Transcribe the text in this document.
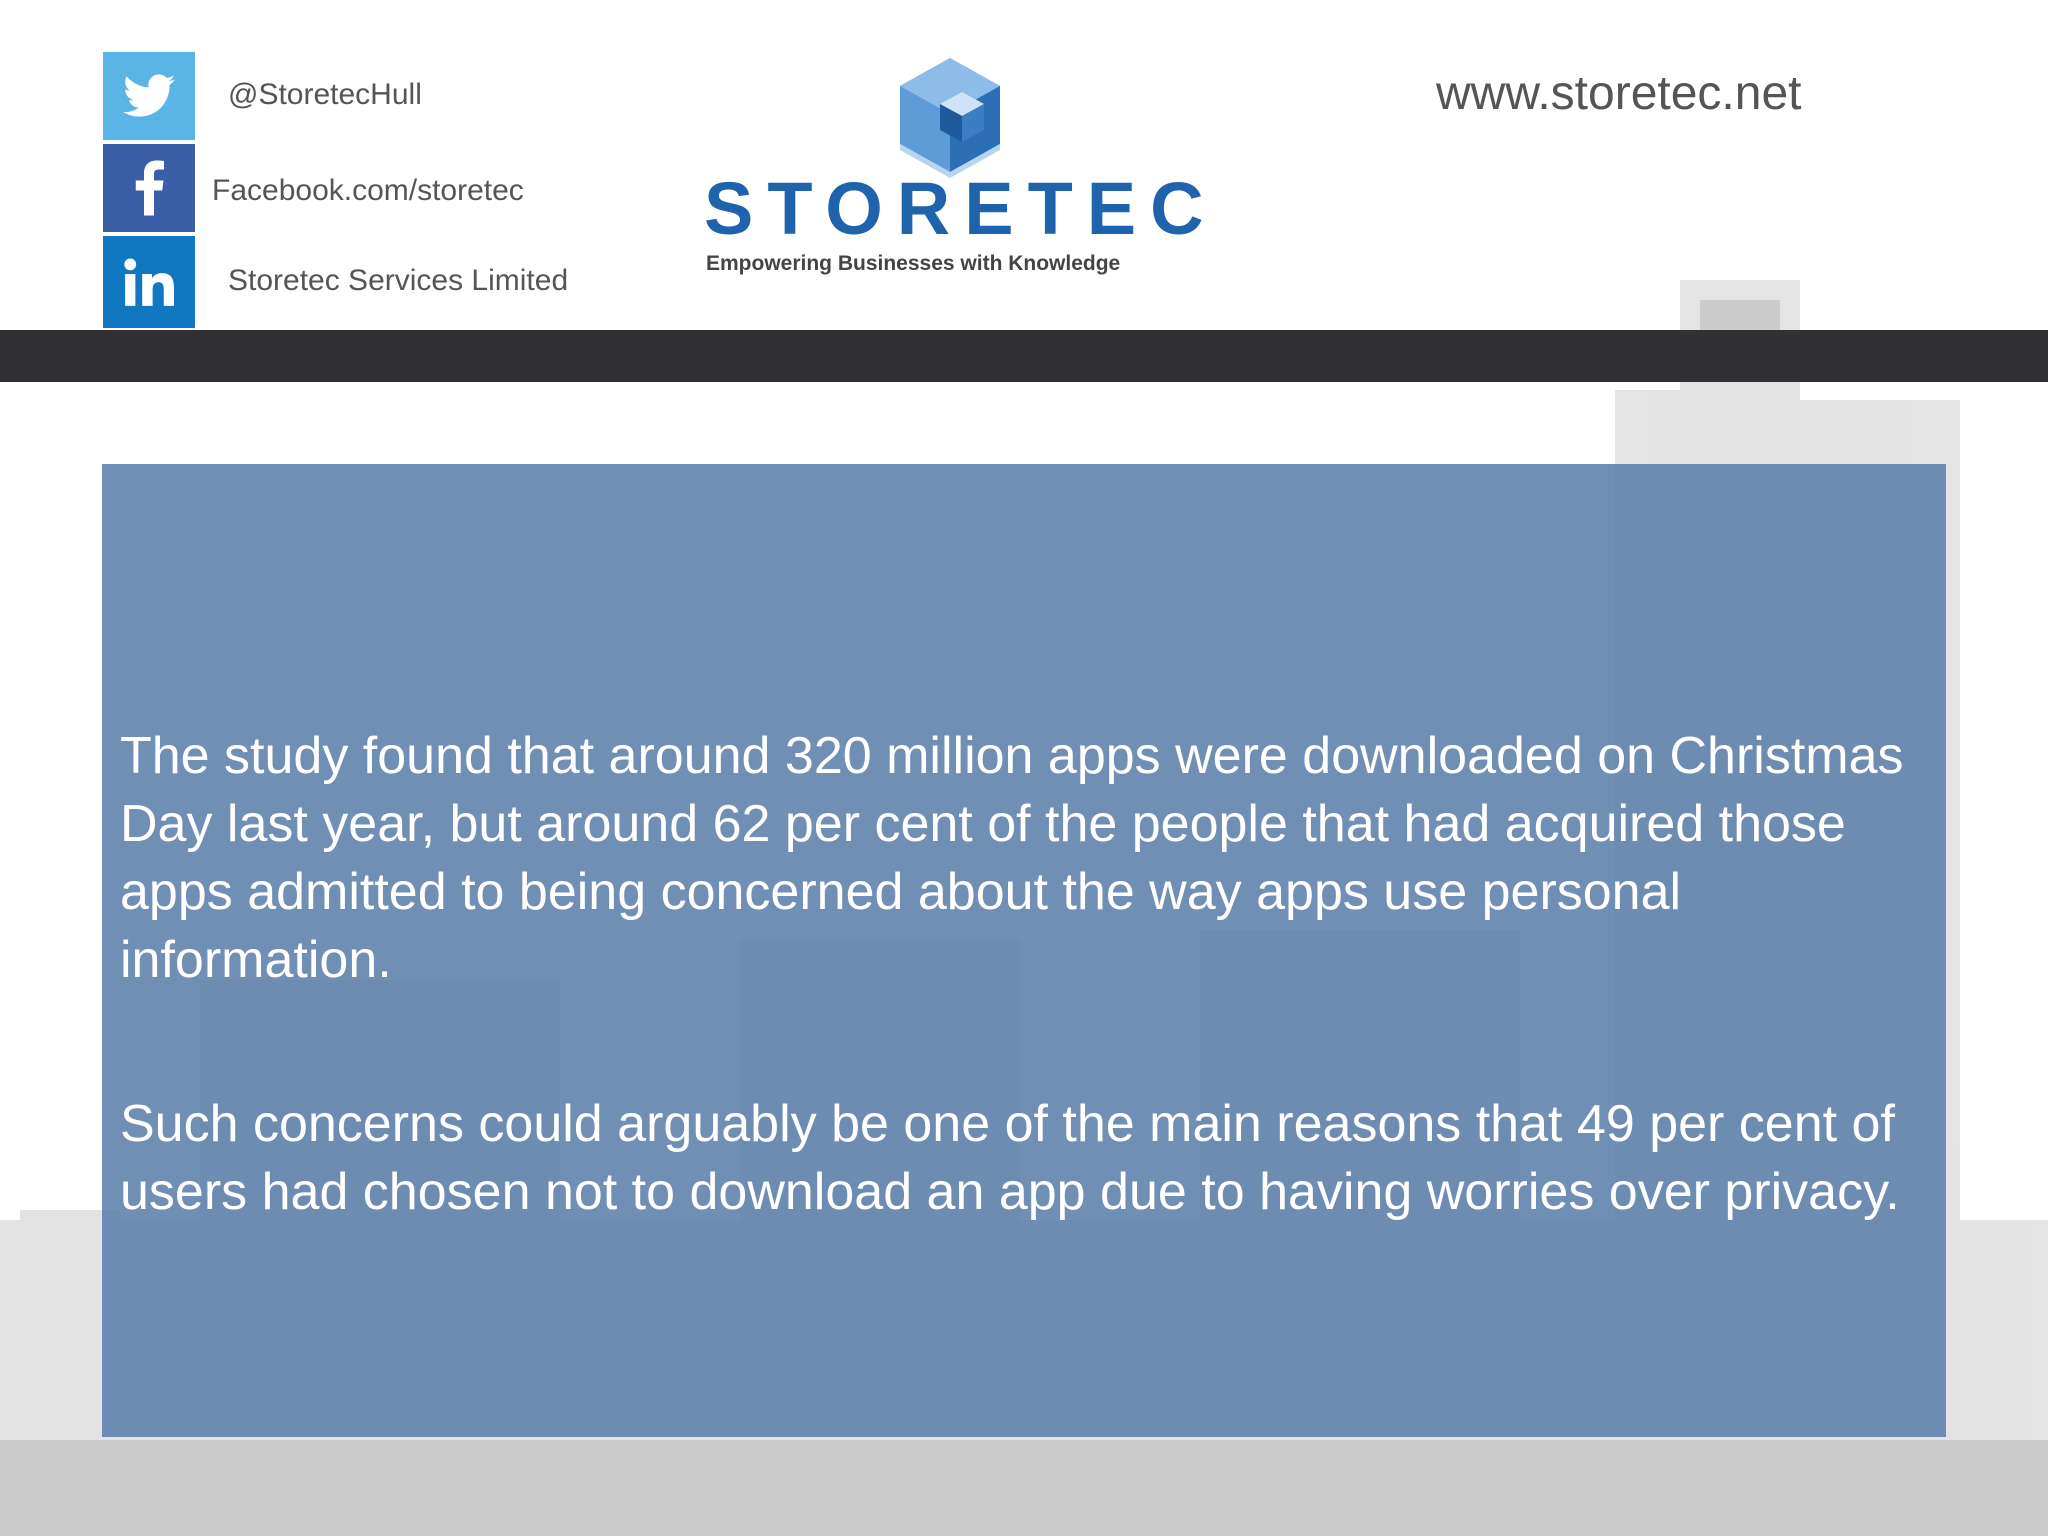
@StoretecHull
Facebook.com/storetec
Storetec Services Limited
STORETEC
Empowering Businesses with Knowledge
www.storetec.net

The study found that around 320 million apps were downloaded on Christmas Day last year, but around 62 per cent of the people that had acquired those apps admitted to being concerned about the way apps use personal information.

Such concerns could arguably be one of the main reasons that 49 per cent of users had chosen not to download an app due to having worries over privacy.
